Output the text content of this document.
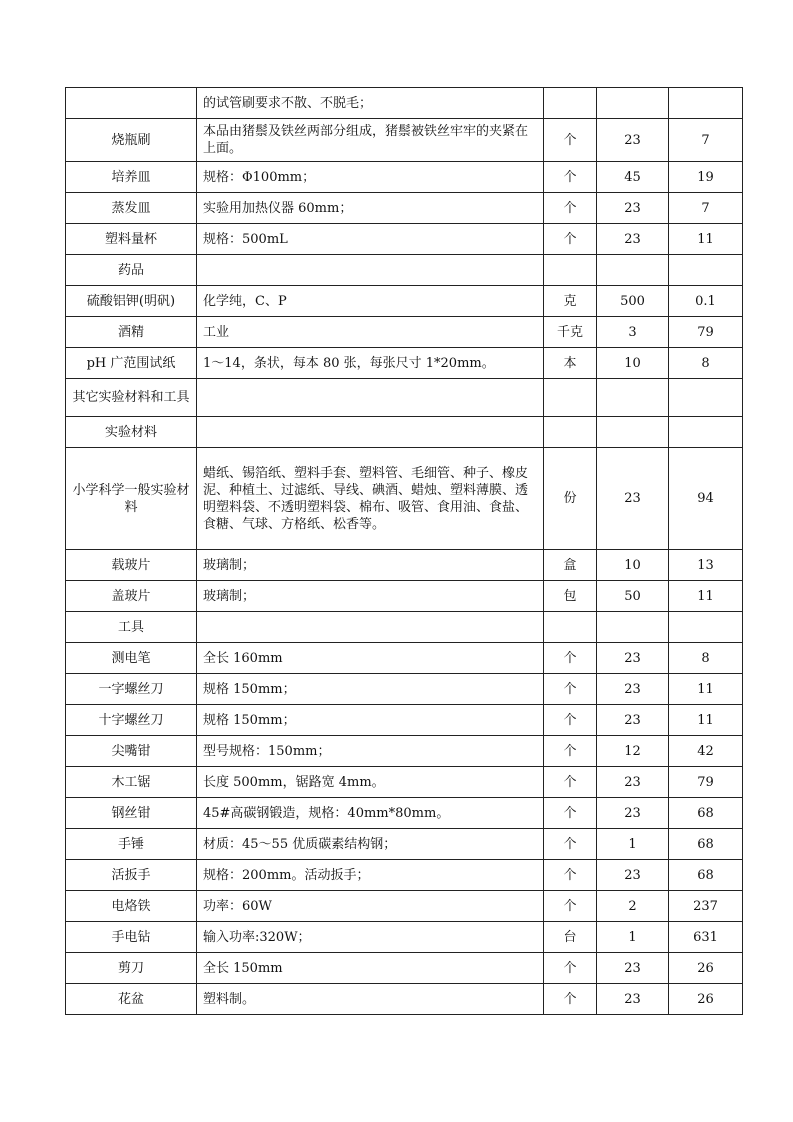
	的试管刷要求不散、不脱毛；			
烧瓶刷	本品由猪鬃及铁丝两部分组成，猪鬃被铁丝牢牢的夹紧在上面。	个	23	7
培养皿	规格：Φ100mm；	个	45	19
蒸发皿	实验用加热仪器 60mm；	个	23	7
塑料量杯	规格：500mL	个	23	11
药品				
硫酸铝钾(明矾)	化学纯，C、P	克	500	0.1
酒精	工业	千克	3	79
pH 广范围试纸	1～14，条状，每本 80 张，每张尺寸 1*20mm。	本	10	8
其它实验材料和工具				
实验材料				
小学科学一般实验材料	蜡纸、锡箔纸、塑料手套、塑料管、毛细管、种子、橡皮泥、种植土、过滤纸、导线、碘酒、蜡烛、塑料薄膜、透明塑料袋、不透明塑料袋、棉布、吸管、食用油、食盐、食糖、气球、方格纸、松香等。	份	23	94
载玻片	玻璃制；	盒	10	13
盖玻片	玻璃制；	包	50	11
工具				
测电笔	全长 160mm	个	23	8
一字螺丝刀	规格 150mm；	个	23	11
十字螺丝刀	规格 150mm；	个	23	11
尖嘴钳	型号规格：150mm；	个	12	42
木工锯	长度 500mm，锯路宽 4mm。	个	23	79
钢丝钳	45#高碳钢锻造，规格：40mm*80mm。	个	23	68
手锤	材质：45～55 优质碳素结构钢；	个	1	68
活扳手	规格：200mm。活动扳手；	个	23	68
电烙铁	功率：60W	个	2	237
手电钻	输入功率:320W；	台	1	631
剪刀	全长 150mm	个	23	26
花盆	塑料制。	个	23	26
